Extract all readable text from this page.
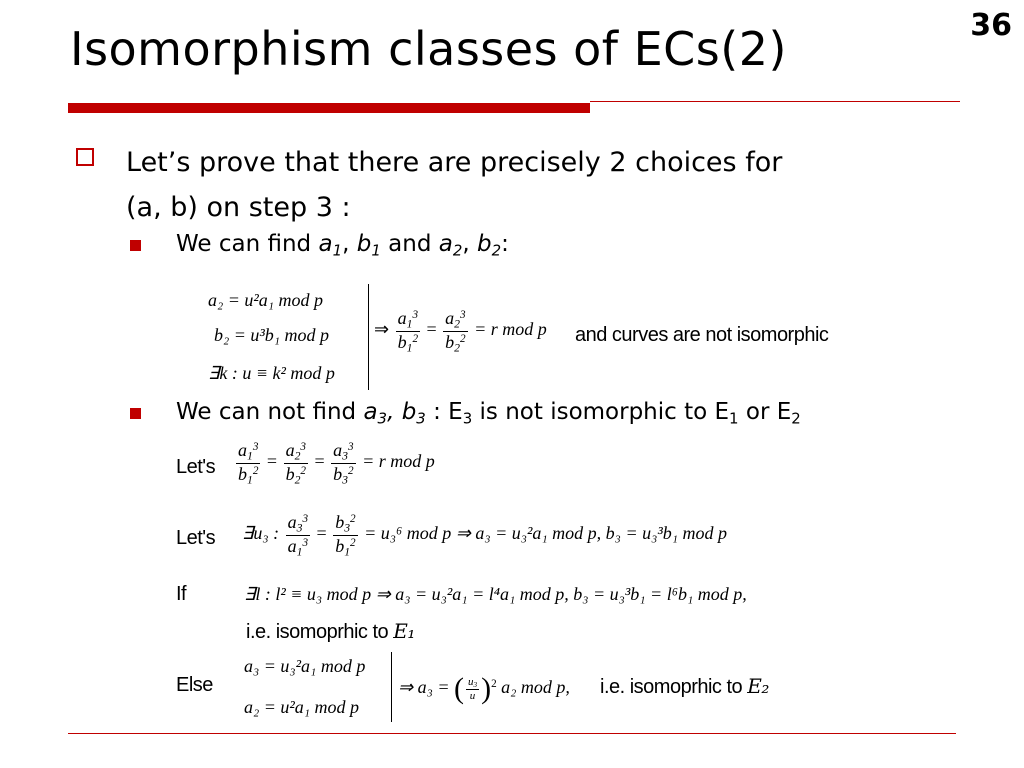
Isomorphism classes of ECs(2)	36
Let’s prove that there are precisely 2 choices for
(a, b) on step 3 :
We can find $a_1$, $b_1$ and $a_2$, $b_2$:
a₂ = u²a₁ mod p
b₂ = u³b₁ mod p
∃k : u ≡ k² mod p
⇒ $\frac{a_1^3}{b_1^2} = \frac{a_2^3}{b_2^2} = r$ mod p and curves are not isomorphic
We can not find $a_3$, $b_3$ : $E_3$ is not isomorphic to $E_1$ or $E_2$
$Let's \frac{a_1^3}{b_1^2} = \frac{a_2^3}{b_2^2} = \frac{a_3^3}{b_3^2} = r$ mod p
Let's ∃u₃ : $\frac{a_3^3}{a_1^3} = \frac{b_3^2}{b_1^2} = u_3^6$ mod p ⇒ a₃ = u₃²a₁ mod p, b₃ = u₃³b₁ mod p
If	∃l : l² ≡ u₃ mod p ⇒ a₃ = u₃²a₁ = l⁴a₁ mod p, b₃ = u₃³b₁ = l⁶b₁ mod p,
i.e. isomoprhic to E₁
Else
a₃ = u₃²a₁ mod p
a₂ = u²a₁ mod p
⇒ a₃ = ( $\frac{u_3}{u} )^2$ a₂ mod p, i.e. isomoprhic to E₂
